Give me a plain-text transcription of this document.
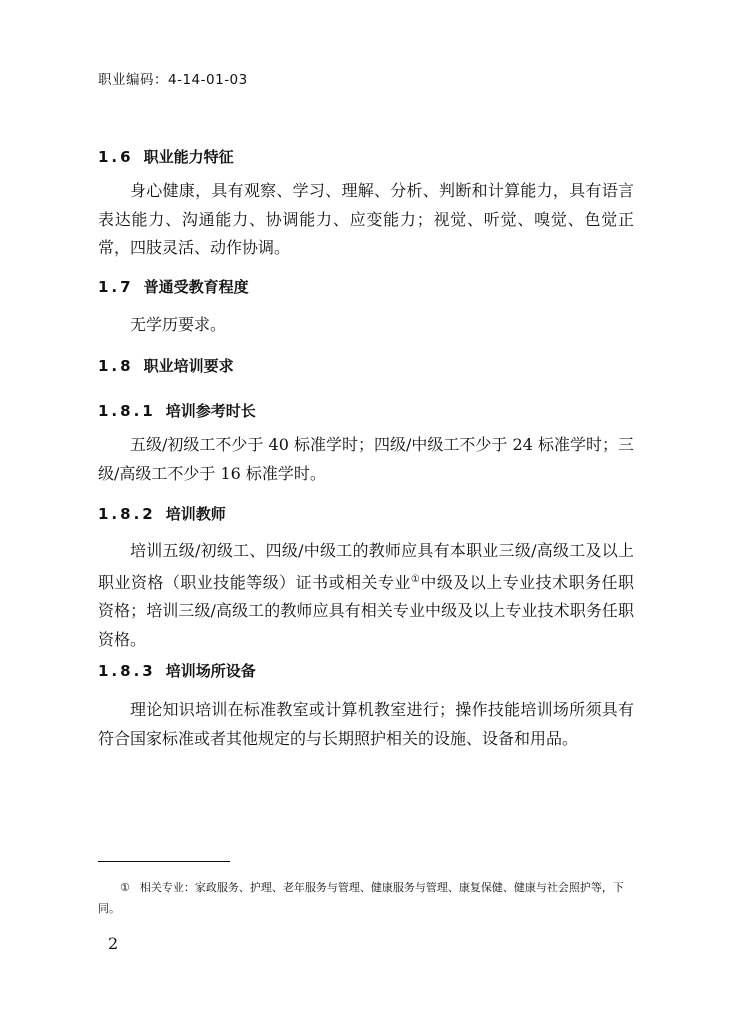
职业编码：4-14-01-03
1.6 职业能力特征

身心健康，具有观察、学习、理解、分析、判断和计算能力，具有语言表达能力、沟通能力、协调能力、应变能力；视觉、听觉、嗅觉、色觉正常，四肢灵活、动作协调。

1.7 普通受教育程度

无学历要求。

1.8 职业培训要求
1.8.1 培训参考时长

五级/初级工不少于 40 标准学时；四级/中级工不少于 24 标准学时；三级/高级工不少于 16 标准学时。

1.8.2 培训教师

培训五级/初级工、四级/中级工的教师应具有本职业三级/高级工及以上职业资格（职业技能等级）证书或相关专业①中级及以上专业技术职务任职资格；培训三级/高级工的教师应具有相关专业中级及以上专业技术职务任职资格。

1.8.3 培训场所设备

理论知识培训在标准教室或计算机教室进行；操作技能培训场所须具有符合国家标准或者其他规定的与长期照护相关的设施、设备和用品。

① 相关专业：家政服务、护理、老年服务与管理、健康服务与管理、康复保健、健康与社会照护等，下同。

2
